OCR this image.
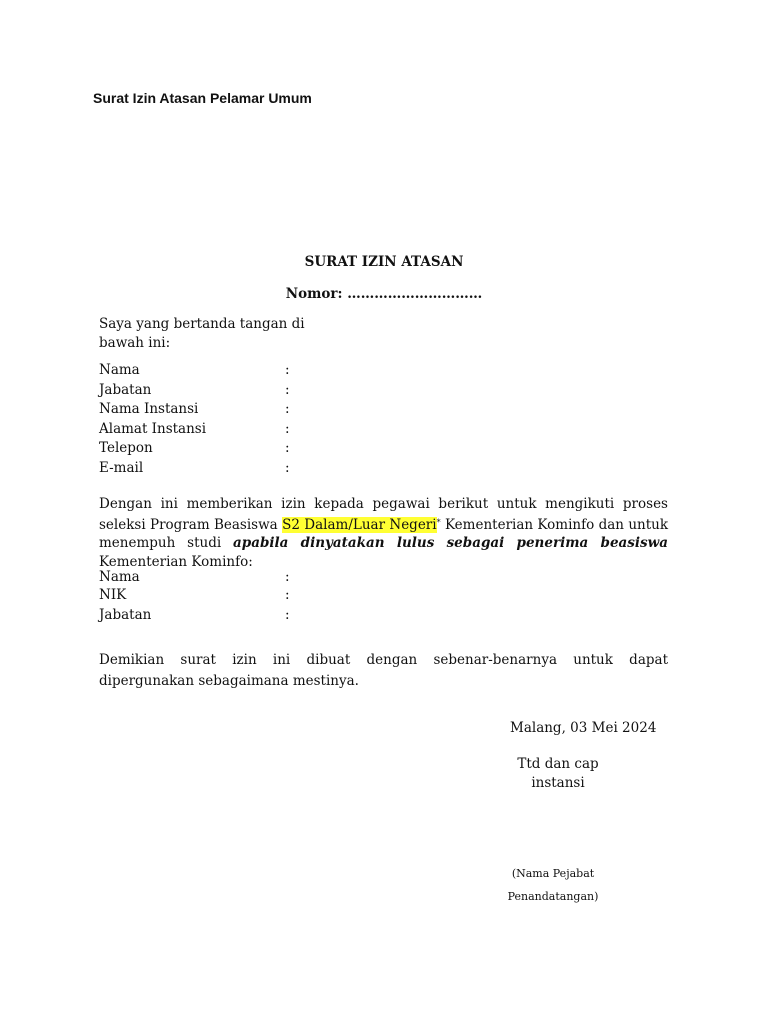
Surat Izin Atasan Pelamar Umum
SURAT IZIN ATASAN
Nomor: …………………………
Saya yang bertanda tangan di bawah ini:
Nama	:
Jabatan	:
Nama Instansi	:
Alamat Instansi	:
Telepon	:
E-mail	:
Dengan ini memberikan izin kepada pegawai berikut untuk mengikuti proses seleksi Program Beasiswa S2 Dalam/Luar Negeri* Kementerian Kominfo dan untuk menempuh studi apabila dinyatakan lulus sebagai penerima beasiswa Kementerian Kominfo:
Nama	:
NIK	:
Jabatan	:
Demikian surat izin ini dibuat dengan sebenar-benarnya untuk dapat dipergunakan sebagaimana mestinya.
Malang, 03 Mei 2024
Ttd dan cap instansi
(Nama Pejabat Penandatangan)
